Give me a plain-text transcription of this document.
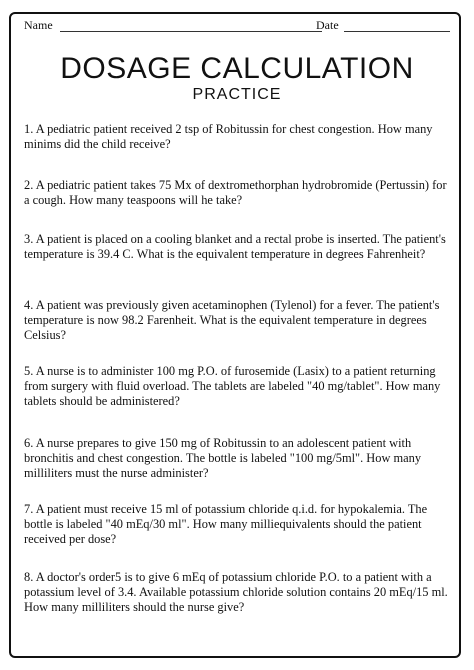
Name	Date
DOSAGE CALCULATION
PRACTICE
1. A pediatric patient received 2 tsp of Robitussin for chest congestion. How many minims did the child receive?
2. A pediatric patient takes 75 Mx of dextromethorphan hydrobromide (Pertussin) for a cough. How many teaspoons will he take?
3. A patient is placed on a cooling blanket and a rectal probe is inserted. The patient's temperature is 39.4 C. What is the equivalent temperature in degrees Fahrenheit?
4. A patient was previously given acetaminophen (Tylenol) for a fever. The patient's temperature is now 98.2 Farenheit. What is the equivalent temperature in degrees Celsius?
5. A nurse is to administer 100 mg P.O. of furosemide (Lasix) to a patient returning from surgery with fluid overload. The tablets are labeled "40 mg/tablet". How many tablets should be administered?
6. A nurse prepares to give 150 mg of Robitussin to an adolescent patient with bronchitis and chest congestion. The bottle is labeled "100 mg/5ml". How many milliliters must the nurse administer?
7. A patient must receive 15 ml of potassium chloride q.i.d. for hypokalemia. The bottle is labeled "40 mEq/30 ml". How many milliequivalents should the patient received per dose?
8. A doctor's order5 is to give 6 mEq of potassium chloride P.O. to a patient with a potassium level of 3.4. Available potassium chloride solution contains 20 mEq/15 ml. How many milliliters should the nurse give?
